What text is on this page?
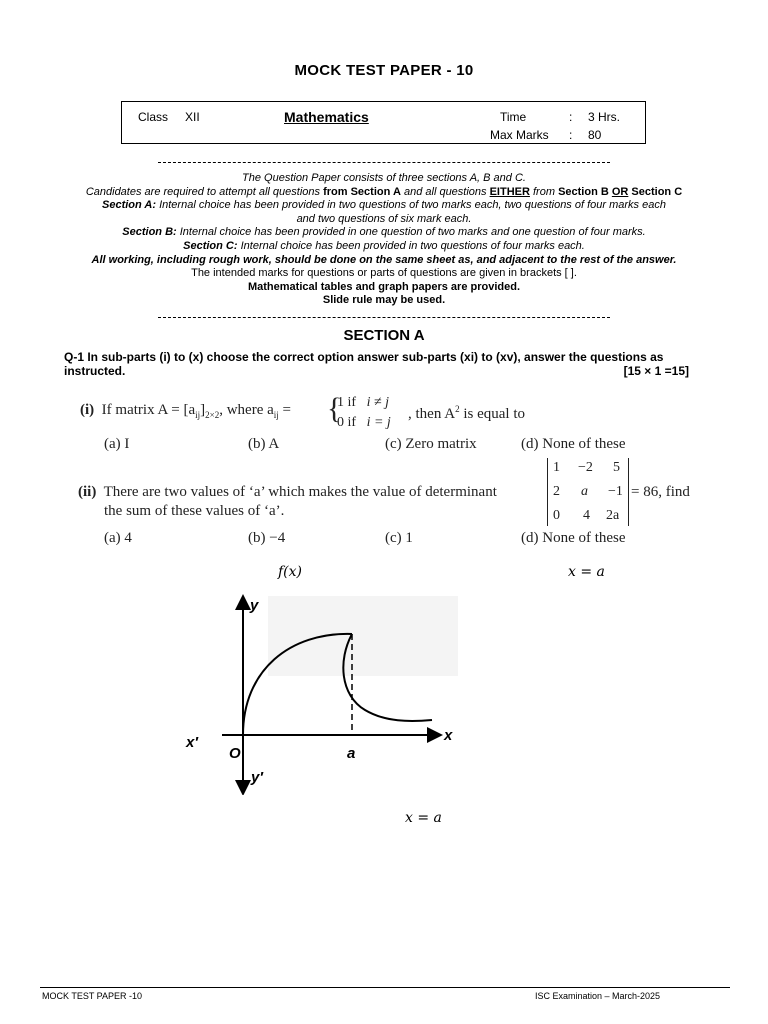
MOCK TEST PAPER - 10
Class XII	Mathematics	Time	: 3 Hrs.
Max Marks : 80

The Question Paper consists of three sections A, B and C.

Candidates are required to attempt all questions from Section A and all questions EITHER from Section B OR Section C

Section A: Internal choice has been provided in two questions of two marks each, two questions of four marks each

and two questions of six mark each.

Section B: Internal choice has been provided in one question of two marks and one question of four marks.

Section C: Internal choice has been provided in two questions of four marks each.

All working, including rough work, should be done on the same sheet as, and adjacent to the rest of the answer.

The intended marks for questions or parts of questions are given in brackets [ ].

Mathematical tables and graph papers are provided.

Slide rule may be used.

SECTION A
Q-1 In sub-parts (i) to (x) choose the correct option answer sub-parts (xi) to (xv), answer the questions as
instructed.	[15 × 1 =15]
(i) If matrix $A = [a_{ij}]_{2\times 2}$, where $a_{ij}$ = {
1 if i ≠ j
0 if i = j
, then $A^2$ is equal to
(a) I	(b) A	(c) Zero matrix	(d) None of these
(ii) There are two values of ‘a’ which makes the value of determinant
the sum of these values of ‘a’.
1 −2 5
2 a −1
0 4 2a
= 86, find
(a) 4	(b) −4	(c) 1	(d) None of these
f(x)	x = a
y
y′
x
x′
O	a
x = a
MOCK TEST PAPER -10	ISC Examination – March-2025
